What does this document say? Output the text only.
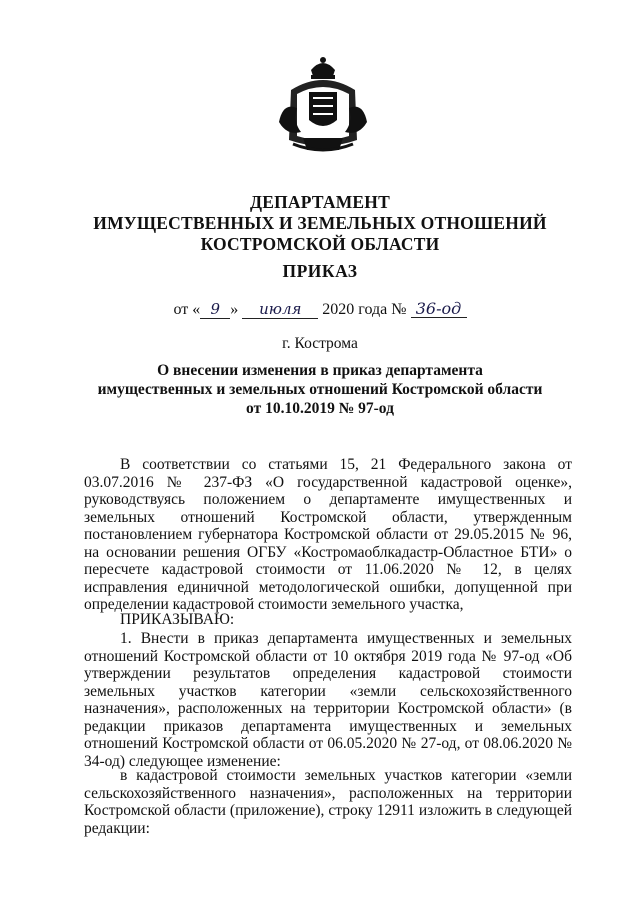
ДЕПАРТАМЕНТ
ИМУЩЕСТВЕННЫХ И ЗЕМЕЛЬНЫХ ОТНОШЕНИЙ
КОСТРОМСКОЙ ОБЛАСТИ
ПРИКАЗ
от « 9 » июля 2020 года № 36-од
г. Кострома
О внесении изменения в приказ департамента
имущественных и земельных отношений Костромской области
от 10.10.2019 № 97-од

В соответствии со статьями 15, 21 Федерального закона от 03.07.2016 № 237-ФЗ «О государственной кадастровой оценке», руководствуясь положением о департаменте имущественных и земельных отношений Костромской области, утвержденным постановлением губернатора Костромской области от 29.05.2015 № 96, на основании решения ОГБУ «Костромаоблкадастр-Областное БТИ» о пересчете кадастровой стоимости от 11.06.2020 № 12, в целях исправления единичной методологической ошибки, допущенной при определении кадастровой стоимости земельного участка,

ПРИКАЗЫВАЮ:

1. Внести в приказ департамента имущественных и земельных отношений Костромской области от 10 октября 2019 года № 97-од «Об утверждении результатов определения кадастровой стоимости земельных участков категории «земли сельскохозяйственного назначения», расположенных на территории Костромской области» (в редакции приказов департамента имущественных и земельных отношений Костромской области от 06.05.2020 № 27-од, от 08.06.2020 № 34-од) следующее изменение:

в кадастровой стоимости земельных участков категории «земли сельскохозяйственного назначения», расположенных на территории Костромской области (приложение), строку 12911 изложить в следующей редакции:
